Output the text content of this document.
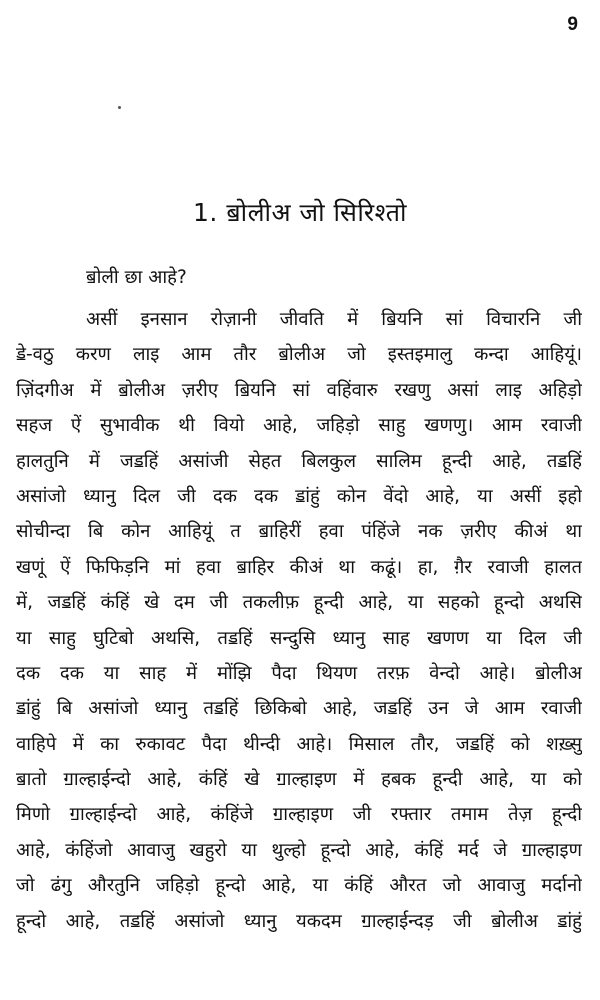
9
1. ॿोलीअ जो सिरिश्तो
ॿोली छा आहे?
असीं इनसान रोज़ानी जीवति में ॿियनि सां विचारनि जी
ॾे-वठु करण लाइ आम तौर ॿोलीअ जो इस्तइमालु कन्दा आहियूं।
ज़िंदगीअ में ॿोलीअ ज़रीए ॿियनि सां वहिंवारु रखणु असां लाइ अहिड़ो
सहज ऐं सुभावीक थी वियो आहे, जहिड़ो साहु खणणु। आम रवाजी
हालतुनि में जॾहिं असांजी सेहत बिलकुल सालिम हून्दी आहे, तॾहिं
असांजो ध्यानु दिल जी दक दक ॾांहुं कोन वेंदो आहे, या असीं इहो
सोचीन्दा बि कोन आहियूं त ॿाहिरीं हवा पंहिंजे नक ज़रीए कीअं था
खणूं ऐं फिफिड़नि मां हवा ॿाहिर कीअं था कढूं। हा, ग़ैर रवाजी हालत
में, जॾहिं कंहिं खे दम जी तकलीफ़ हून्दी आहे, या सहको हून्दो अथसि
या साहु घुटिबो अथसि, तॾहिं सन्दुसि ध्यानु साह खणण या दिल जी
दक दक या साह में मोंझि पैदा थियण तरफ़ वेन्दो आहे। ॿोलीअ
ॾांहुं बि असांजो ध्यानु तॾहिं छिकिबो आहे, जॾहिं उन जे आम रवाजी
वाहिपे में का रुकावट पैदा थीन्दी आहे। मिसाल तौर, जॾहिं को शख़्सु
ॿातो ॻाल्हाईन्दो आहे, कंहिं खे ॻाल्हाइण में हबक हून्दी आहे, या को
मिणो ॻाल्हाईन्दो आहे, कंहिंजे ॻाल्हाइण जी रफ्तार तमाम तेज़ हून्दी
आहे, कंहिंजो आवाजु खहुरो या थुल्हो हून्दो आहे, कंहिं मर्द जे ॻाल्हाइण
जो ढंगु औरतुनि जहिड़ो हून्दो आहे, या कंहिं औरत जो आवाजु मर्दानो
हून्दो आहे, तॾहिं असांजो ध्यानु यकदम ॻाल्हाईन्दड़ जी ॿोलीअ ॾांहुं
